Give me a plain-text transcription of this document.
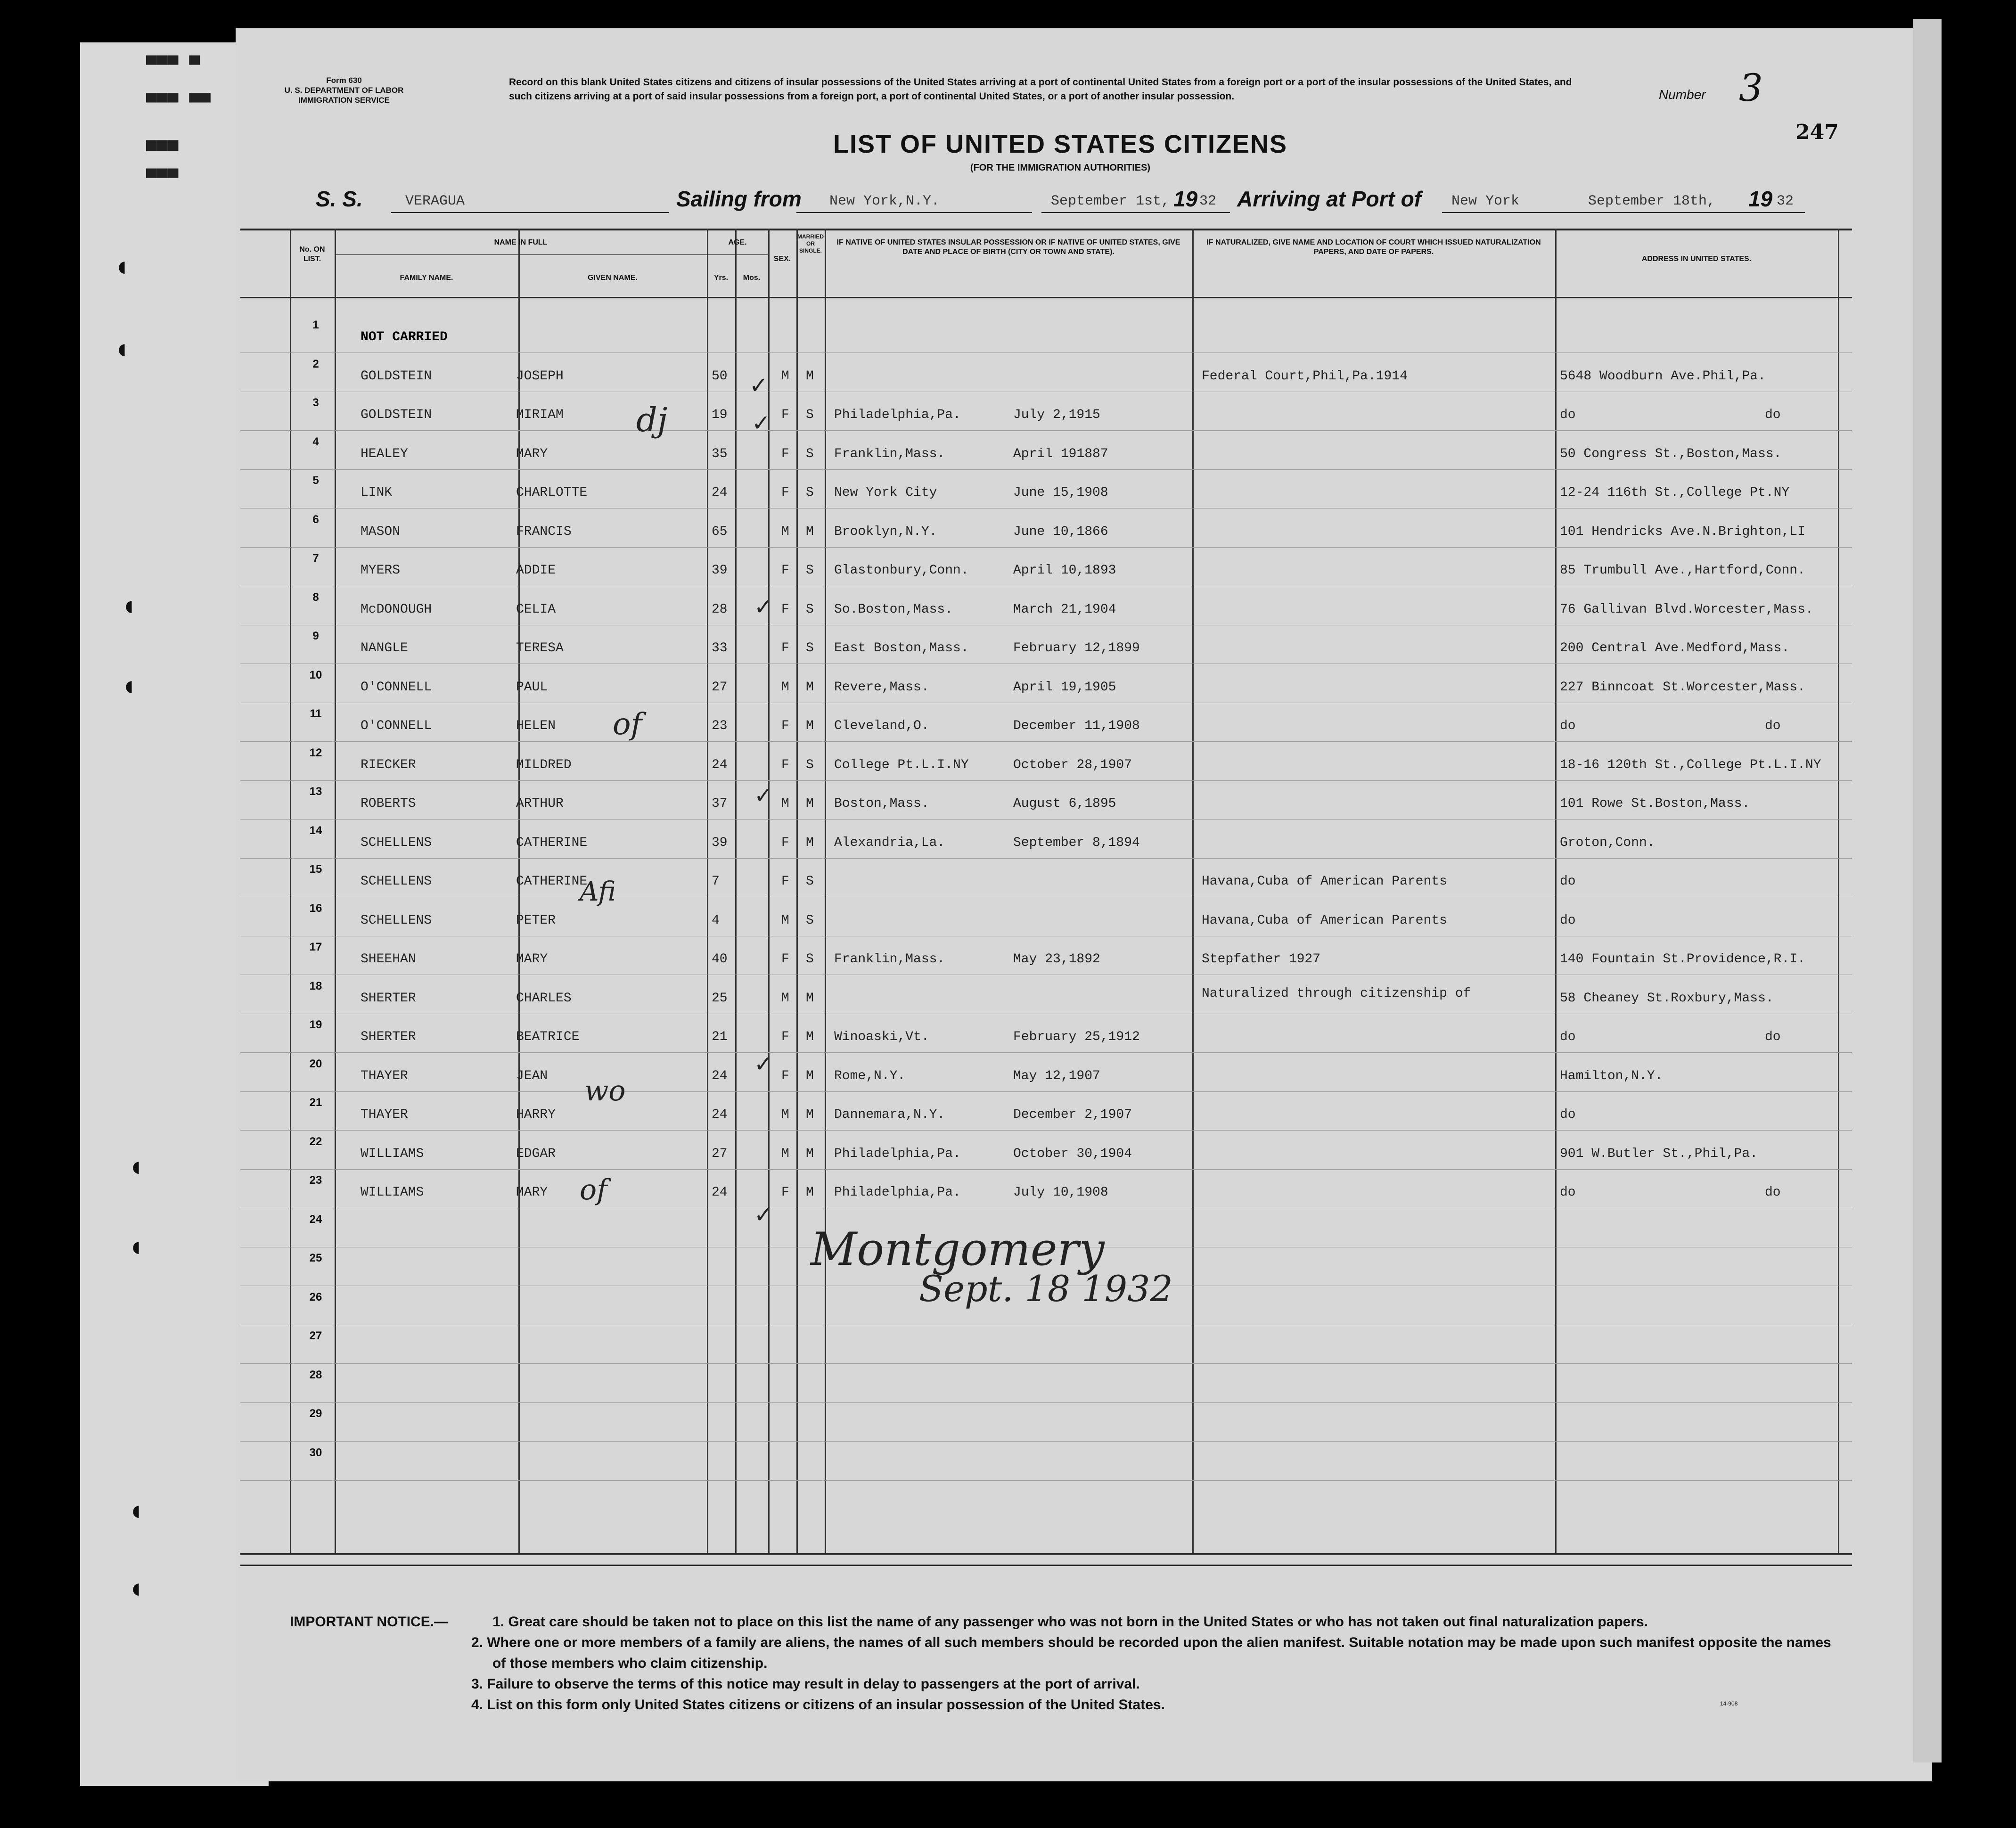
▀▀▀ ▀
▀▀▀ ▀▀
▄▄▄
▀▀▀
◖
◖
◖
◖
◖
◖
◖
◖
Form 630
U. S. DEPARTMENT OF LABOR
IMMIGRATION SERVICE
Record on this blank United States citizens and citizens of insular possessions of the United States arriving at a port of continental United States from a foreign port or a port of the insular possessions of the United States, and such citizens arriving at a port of said insular possessions from a foreign port, a port of continental United States, or a port of another insular possession.	Number 3
247
LIST OF UNITED STATES CITIZENS
(FOR THE IMMIGRATION AUTHORITIES)
S. S.	VERAGUA	Sailing from New York,N.Y.	September 1st, 19 32 Arriving at Port of New York	September 18th, 19 32
No. ON LIST.
NAME IN FULL
FAMILY NAME.	GIVEN NAME.
AGE.
Yrs.	Mos.
SEX.
MARRIED OR SINGLE.
IF NATIVE OF UNITED STATES INSULAR POSSESSION OR IF NATIVE OF UNITED STATES, GIVE DATE AND PLACE OF BIRTH (CITY OR TOWN AND STATE).
IF NATURALIZED, GIVE NAME AND LOCATION OF COURT WHICH ISSUED NATURALIZATION PAPERS, AND DATE OF PAPERS.
ADDRESS IN UNITED STATES.
1
NOT CARRIED
2
GOLDSTEIN	JOSEPH	50	M M	Federal Court,Phil,Pa.1914	5648 Woodburn Ave.Phil,Pa.
3
GOLDSTEIN	MIRIAM	19	F S Philadelphia,Pa.	July 2,1915	do	do
4
HEALEY	MARY	35	F S Franklin,Mass.	April 191887	50 Congress St.,Boston,Mass.
5
LINK	CHARLOTTE	24	F S New York City	June 15,1908	12-24 116th St.,College Pt.NY
6
MASON	FRANCIS	65	M M Brooklyn,N.Y.	June 10,1866	101 Hendricks Ave.N.Brighton,LI
7
MYERS	ADDIE	39	F S Glastonbury,Conn.	April 10,1893	85 Trumbull Ave.,Hartford,Conn.
8
McDONOUGH	CELIA	28	F S So.Boston,Mass.	March 21,1904	76 Gallivan Blvd.Worcester,Mass.
9
NANGLE	TERESA	33	F S East Boston,Mass.	February 12,1899	200 Central Ave.Medford,Mass.
10
O'CONNELL	PAUL	27	M M Revere,Mass.	April 19,1905	227 Binncoat St.Worcester,Mass.
11
O'CONNELL	HELEN	23	F M Cleveland,O.	December 11,1908	do	do
12
RIECKER	MILDRED	24	F S College Pt.L.I.NY	October 28,1907	18-16 120th St.,College Pt.L.I.NY
13
ROBERTS	ARTHUR	37	M M Boston,Mass.	August 6,1895	101 Rowe St.Boston,Mass.
14
SCHELLENS	CATHERINE	39	F M Alexandria,La.	September 8,1894	Groton,Conn.
15
SCHELLENS	CATHERINE	7	F S	Havana,Cuba of American Parents	do
16
SCHELLENS	PETER	4	M S	Havana,Cuba of American Parents	do
17
SHEEHAN	MARY	40	F S Franklin,Mass.	May 23,1892	Stepfather 1927	140 Fountain St.Providence,R.I.
18
SHERTER	CHARLES	25	M M	Naturalized through citizenship of	58 Cheaney St.Roxbury,Mass.
19
SHERTER	BEATRICE	21	F M Winoaski,Vt.	February 25,1912	do	do
20
THAYER	JEAN	24	F M Rome,N.Y.	May 12,1907	Hamilton,N.Y.
21
THAYER	HARRY	24	M M Dannemara,N.Y.	December 2,1907	do
22
WILLIAMS	EDGAR	27	M M Philadelphia,Pa.	October 30,1904	901 W.Butler St.,Phil,Pa.
23
WILLIAMS	MARY	24	F M Philadelphia,Pa.	July 10,1908	do	do
24
25
26
27
28
29
30
✓
✓
✓
✓
✓
✓
dj
of
Afi
wo
of
Montgomery
Sept. 18 1932
IMPORTANT NOTICE.—	1. Great care should be taken not to place on this list the name of any passenger who was not born in the United States or who has not taken out final naturalization papers.
2. Where one or more members of a family are aliens, the names of all such members should be recorded upon the alien manifest. Suitable notation may be made upon such manifest opposite the names of those members who claim citizenship.
3. Failure to observe the terms of this notice may result in delay to passengers at the port of arrival.
4. List on this form only United States citizens or citizens of an insular possession of the United States.	14-908
